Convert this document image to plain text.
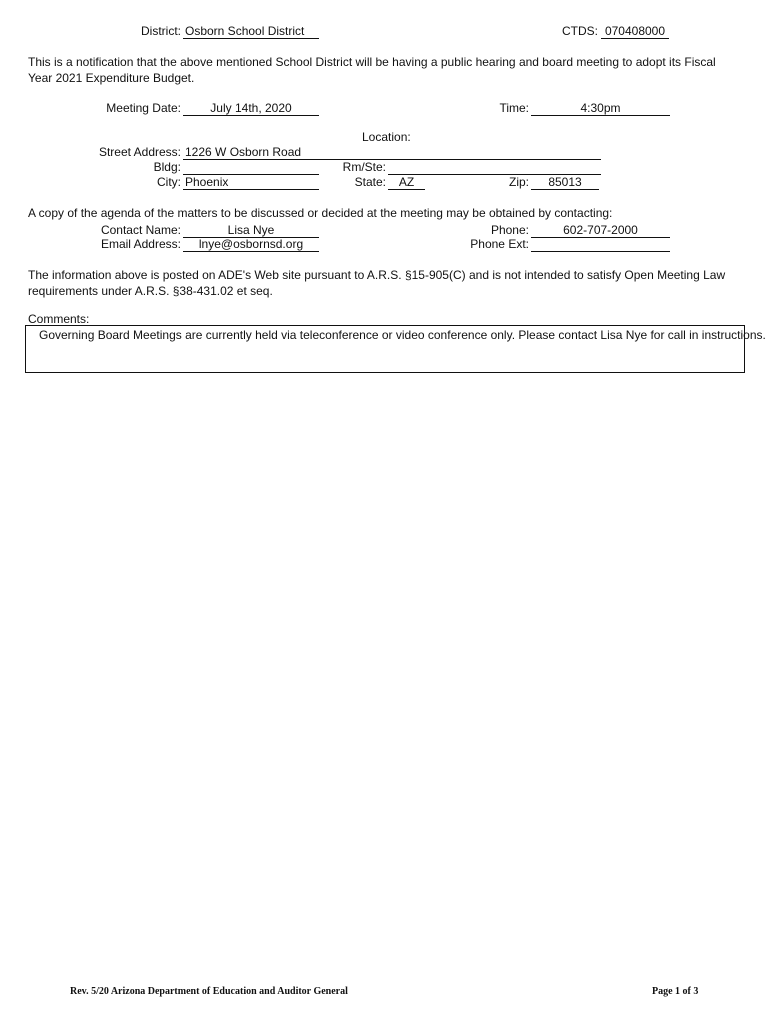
District: Osborn School District	CTDS: 070408000
This is a notification that the above mentioned School District will be having a public hearing and board meeting to adopt its Fiscal Year 2021 Expenditure Budget.
Meeting Date:	July 14th, 2020	Time:	4:30pm
Location:
Street Address: 1226 W Osborn Road
Bldg:	Rm/Ste:
City: Phoenix	State:	AZ	Zip:	85013
A copy of the agenda of the matters to be discussed or decided at the meeting may be obtained by contacting:
Contact Name:	Lisa Nye	Phone:	602-707-2000
Email Address:	lnye@osbornsd.org	Phone Ext:
The information above is posted on ADE's Web site pursuant to A.R.S. §15-905(C) and is not intended to satisfy Open Meeting Law requirements under A.R.S. §38-431.02 et seq.
Comments:
Governing Board Meetings are currently held via teleconference or video conference only. Please contact Lisa Nye for call in instructions.
Rev. 5/20 Arizona Department of Education and Auditor General	Page 1 of 3
